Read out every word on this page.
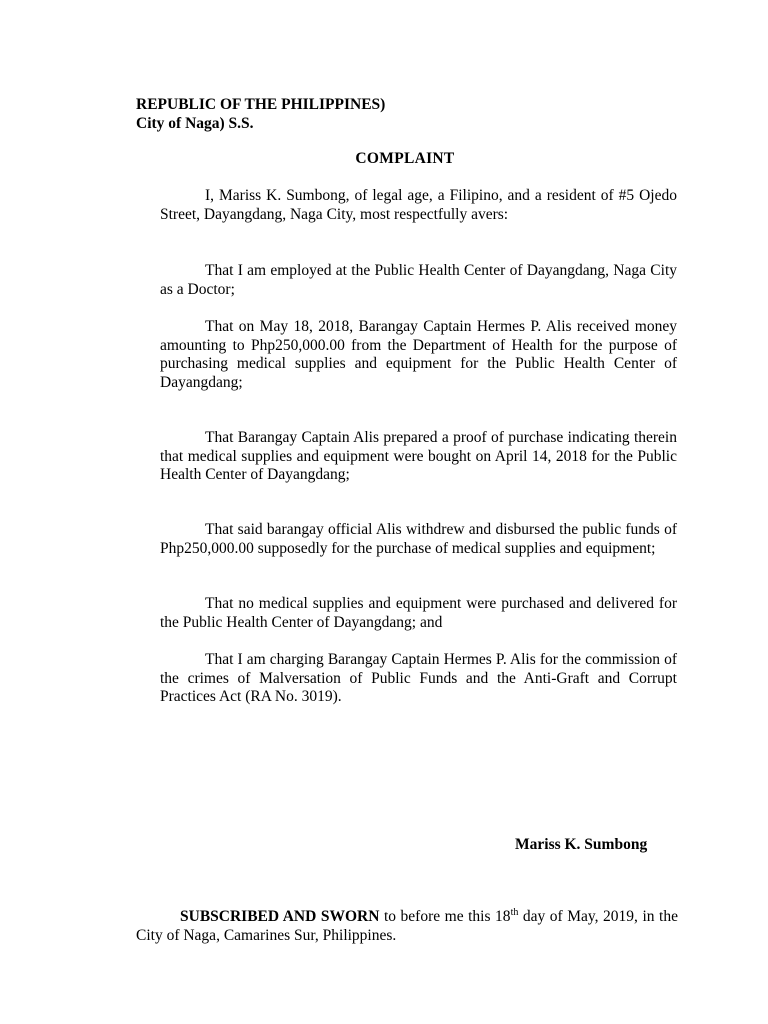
REPUBLIC OF THE PHILIPPINES)
City of Naga) S.S.
COMPLAINT

I, Mariss K. Sumbong, of legal age, a Filipino, and a resident of #5 Ojedo Street, Dayangdang, Naga City, most respectfully avers:

That I am employed at the Public Health Center of Dayangdang, Naga City as a Doctor;

That on May 18, 2018, Barangay Captain Hermes P. Alis received money amounting to Php250,000.00 from the Department of Health for the purpose of purchasing medical supplies and equipment for the Public Health Center of Dayangdang;

That Barangay Captain Alis prepared a proof of purchase indicating therein that medical supplies and equipment were bought on April 14, 2018 for the Public Health Center of Dayangdang;

That said barangay official Alis withdrew and disbursed the public funds of Php250,000.00 supposedly for the purchase of medical supplies and equipment;

That no medical supplies and equipment were purchased and delivered for the Public Health Center of Dayangdang; and

That I am charging Barangay Captain Hermes P. Alis for the commission of the crimes of Malversation of Public Funds and the Anti-Graft and Corrupt Practices Act (RA No. 3019).

Mariss K. Sumbong

SUBSCRIBED AND SWORN to before me this 18th day of May, 2019, in the City of Naga, Camarines Sur, Philippines.
